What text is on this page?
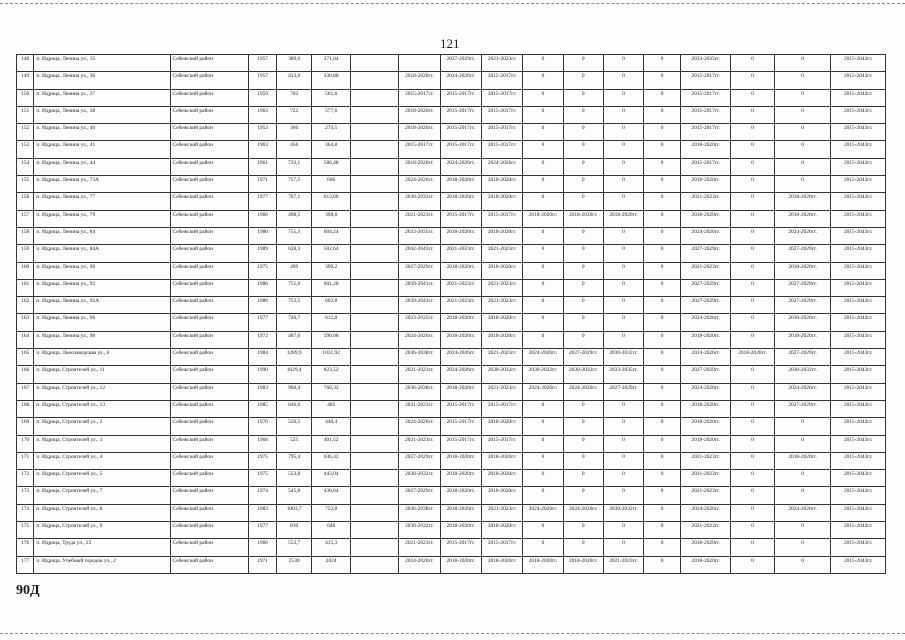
121
148	п. Идрица, Ленина ул., 35	Себежский район	1957	389,6	271,84			2027-2029гг.	2021-2023гг.	0	0	0	0	2033-2035гг.	0	0	2015-2043гг.
149	п. Идрица, Ленина ул., 36	Себежский район	1957	413,6	330,88		2018-2020гг.	2024-2026гг.	2015-2017гг.	0	0	0	0	2015-2017гг.	0	0	2015-2043гг.
150	п. Идрица, Ленина ул., 37	Себежский район	1959	702	561,6		2015-2017гг.	2015-2017гг.	2015-2017гг.	0	0	0	0	2015-2017гг.	0	0	2015-2043гг.
151	п. Идрица, Ленина ул., 38	Себежский район	1963	722	577,6		2018-2020гг.	2015-2017гг.	2015-2017гг.	0	0	0	0	2015-2017гг.	0	0	2015-2043гг.
152	п. Идрица, Ленина ул., 40	Себежский район	1953	366	274,5		2018-2020гг.	2015-2017гг.	2015-2017гг.	0	0	0	0	2015-2017гг.	0	0	2015-2043гг.
153	п. Идрица, Ленина ул., 41	Себежский район	1963	456	364,8		2015-2017гг.	2015-2017гг.	2015-2017гг.	0	0	0	0	2018-2020гг.	0	0	2015-2043гг.
154	п. Идрица, Ленина ул., 44	Себежский район	1961	733,1	586,48		2018-2020гг.	2024-2026гг.	2024-2026гг.	0	0	0	0	2015-2017гг.	0	0	2015-2043гг.
155	п. Идрица, Ленина ул., 73А	Себежский район	1971	757,5	606		2024-2026гг.	2018-2020гг.	2018-2020гг.	0	0	0	0	2018-2020гг.	0	0	2015-2043гг.
156	п. Идрица, Ленина ул., 77	Себежский район	1977	767,1	613,68		2030-2032гг.	2018-2020гг.	2018-2020гг.	0	0	0	0	2021-2023гг.	0	2018-2020гг.	2015-2043гг.
157	п. Идрица, Ленина ул., 79	Себежский район	1966	498,5	398,8		2021-2023гг.	2015-2017гг.	2015-2017гг.	2018-2020гг.	2018-2020гг.	2018-2020гг.	0	2018-2020гг.	0	2018-2020гг.	2015-2043гг.
158	п. Идрица, Ленина ул., 84	Себежский район	1980	755,3	604,24		2033-2035гг.	2018-2020гг.	2018-2020гг.	0	0	0	0	2024-2026гг.	0	2024-2026гг.	2015-2043гг.
159	п. Идрица, Ленина ул., 84А	Себежский район	1989	628,3	502,64		2042-2043гг.	2021-2023гг.	2021-2023гг.	0	0	0	0	2027-2029гг.	0	2027-2029гг.	2015-2043гг.
160	п. Идрица, Ленина ул., 90	Себежский район	1975	499	399,2		2027-2029гг.	2018-2020гг.	2018-2020гг.	0	0	0	0	2021-2023гг.	0	2018-2020гг.	2015-2043гг.
161	п. Идрица, Ленина ул., 92	Себежский район	1986	751,6	601,28		2039-2041гг.	2021-2023гг.	2021-2023гг.	0	0	0	0	2027-2029гг.	0	2027-2029гг.	2015-2043гг.
162	п. Идрица, Ленина ул., 92А	Себежский район	1986	753,5	602,8		2039-2041гг.	2021-2023гг.	2021-2023гг.	0	0	0	0	2027-2029гг.	0	2027-2029гг.	2015-2043гг.
163	п. Идрица, Ленина ул., 96	Себежский район	1977	740,7	612,8		2033-2035гг.	2018-2020гг.	2018-2020гг.	0	0	0	0	2024-2026гг.	0	2018-2020гг.	2015-2043гг.
164	п. Идрица, Ленина ул., 98	Себежский район	1972	487,6	390,08		2024-2026гг.	2018-2020гг.	2018-2020гг.	0	0	0	0	2018-2020гг.	0	2018-2020гг.	2015-2043гг.
165	п. Идрица, Льнозаводская ул., 6	Себежский район	1984	1289,9	1031,92		2036-2038гг.	2024-2026гг.	2021-2023гг.	2024-2026гг.	2027-2029гг.	2030-2032гг.	0	2024-2026гг.	2018-2020гг.	2027-2029гг.	2015-2043гг.
166	п. Идрица, Строителей ул., 11	Себежский район	1990	1029,4	823,52		2021-2023гг.	2024-2026гг.	2030-2032гг.	2030-2032гг.	2030-2032гг.	2033-2035гг.	0	2027-2029гг.	0	2030-2032гг.	2015-2043гг.
167	п. Идрица, Строителей ул., 12	Себежский район	1983	960,4	768,32		2036-2038гг.	2018-2020гг.	2021-2023гг.	2024-2026гг.	2024-2026гг.	2027-2029гг.	0	2024-2026гг.	0	2024-2026гг.	2015-2043гг.
168	п. Идрица, Строителей ул., 13	Себежский район	1985	646,6	485		2021-2023гг.	2015-2017гг.	2015-2017гг.	0	0	0	0	2018-2020гг.	0	2027-2029гг.	2015-2043гг.
169	п. Идрица, Строителей ул., 2	Себежский район	1970	550,5	440,4		2024-2026гг.	2015-2017гг.	2018-2020гг.	0	0	0	0	2018-2020гг.	0	0	2015-2043гг.
170	п. Идрица, Строителей ул., 3	Себежский район	1968	525	401,52		2021-2023гг.	2015-2017гг.	2015-2017гг.	0	0	0	0	2018-2020гг.	0	0	2015-2043гг.
171	п. Идрица, Строителей ул., 4	Себежский район	1975	795,4	636,32		2027-2029гг.	2018-2020гг.	2018-2020гг.	0	0	0	0	2021-2023гг.	0	2018-2020гг.	2015-2043гг.
172	п. Идрица, Строителей ул., 5	Себежский район	1975	553,8	443,04		2030-2032гг.	2018-2020гг.	2018-2020гг.	0	0	0	0	2021-2023гг.	0	0	2015-2043гг.
173	п. Идрица, Строителей ул., 7	Себежский район	1974	545,8	436,64		2027-2029гг.	2018-2020гг.	2018-2020гг.	0	0	0	0	2021-2023гг.	0	0	2015-2043гг.
174	п. Идрица, Строителей ул., 8	Себежский район	1983	1003,7	752,8		2036-2038гг.	2018-2020гг.	2021-2023гг.	2024-2026гг.	2024-2026гг.	2030-2032гг.	0	2024-2026гг.	0	2024-2026гг.	2015-2043гг.
175	п. Идрица, Строителей ул., 9	Себежский район	1977	810	648		2030-2032гг.	2018-2020гг.	2018-2020гг.	0	0	0	0	2021-2023гг.	0	0	2015-2043гг.
176	п. Идрица, Труда ул., 23	Себежский район	1966	553,7	415,3		2021-2023гг.	2015-2017гг.	2015-2017гг.	0	0	0	0	2018-2020гг.	0	0	2015-2043гг.
177	п. Идрица, Учебный городок ул., 2	Себежский район	1971	2530	2024		2024-2026гг.	2018-2020гг.	2018-2020гг.	2018-2020гг.	2018-2020гг.	2021-2023гг.	0	2018-2020гг.	0	0	2015-2043гг.
90Д
